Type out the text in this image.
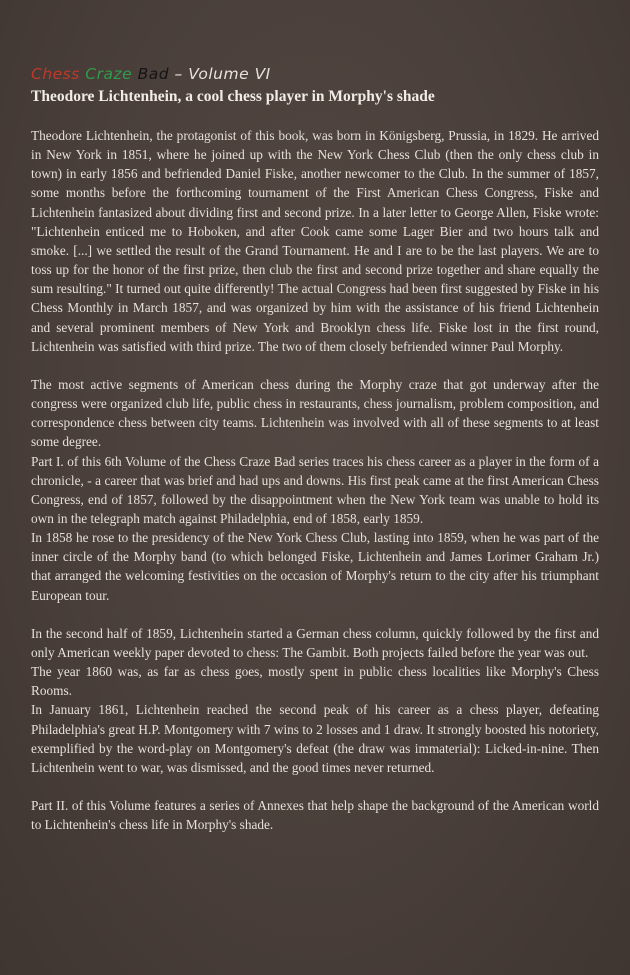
Chess Craze Bad – Volume VI
Theodore Lichtenhein, a cool chess player in Morphy's shade

Theodore Lichtenhein, the protagonist of this book, was born in Königsberg, Prussia, in 1829. He arrived in New York in 1851, where he joined up with the New York Chess Club (then the only chess club in town) in early 1856 and befriended Daniel Fiske, another newcomer to the Club. In the summer of 1857, some months before the forthcoming tournament of the First American Chess Congress, Fiske and Lichtenhein fantasized about dividing first and second prize. In a later letter to George Allen, Fiske wrote: "Lichtenhein enticed me to Hoboken, and after Cook came some Lager Bier and two hours talk and smoke. [...] we settled the result of the Grand Tournament. He and I are to be the last players. We are to toss up for the honor of the first prize, then club the first and second prize together and share equally the sum resulting." It turned out quite differently! The actual Congress had been first suggested by Fiske in his Chess Monthly in March 1857, and was organized by him with the assistance of his friend Lichtenhein and several prominent members of New York and Brooklyn chess life. Fiske lost in the first round, Lichtenhein was satisfied with third prize. The two of them closely befriended winner Paul Morphy.

The most active segments of American chess during the Morphy craze that got underway after the congress were organized club life, public chess in restaurants, chess journalism, problem composition, and correspondence chess between city teams. Lichtenhein was involved with all of these segments to at least some degree.

Part I. of this 6th Volume of the Chess Craze Bad series traces his chess career as a player in the form of a chronicle, - a career that was brief and had ups and downs. His first peak came at the first American Chess Congress, end of 1857, followed by the disappointment when the New York team was unable to hold its own in the telegraph match against Philadelphia, end of 1858, early 1859.

In 1858 he rose to the presidency of the New York Chess Club, lasting into 1859, when he was part of the inner circle of the Morphy band (to which belonged Fiske, Lichtenhein and James Lorimer Graham Jr.) that arranged the welcoming festivities on the occasion of Morphy's return to the city after his triumphant European tour.

In the second half of 1859, Lichtenhein started a German chess column, quickly followed by the first and only American weekly paper devoted to chess: The Gambit. Both projects failed before the year was out.

The year 1860 was, as far as chess goes, mostly spent in public chess localities like Morphy's Chess Rooms.

In January 1861, Lichtenhein reached the second peak of his career as a chess player, defeating Philadelphia's great H.P. Montgomery with 7 wins to 2 losses and 1 draw. It strongly boosted his notoriety, exemplified by the word-play on Montgomery's defeat (the draw was immaterial): Licked-in-nine. Then Lichtenhein went to war, was dismissed, and the good times never returned.

Part II. of this Volume features a series of Annexes that help shape the background of the American world to Lichtenhein's chess life in Morphy's shade.
